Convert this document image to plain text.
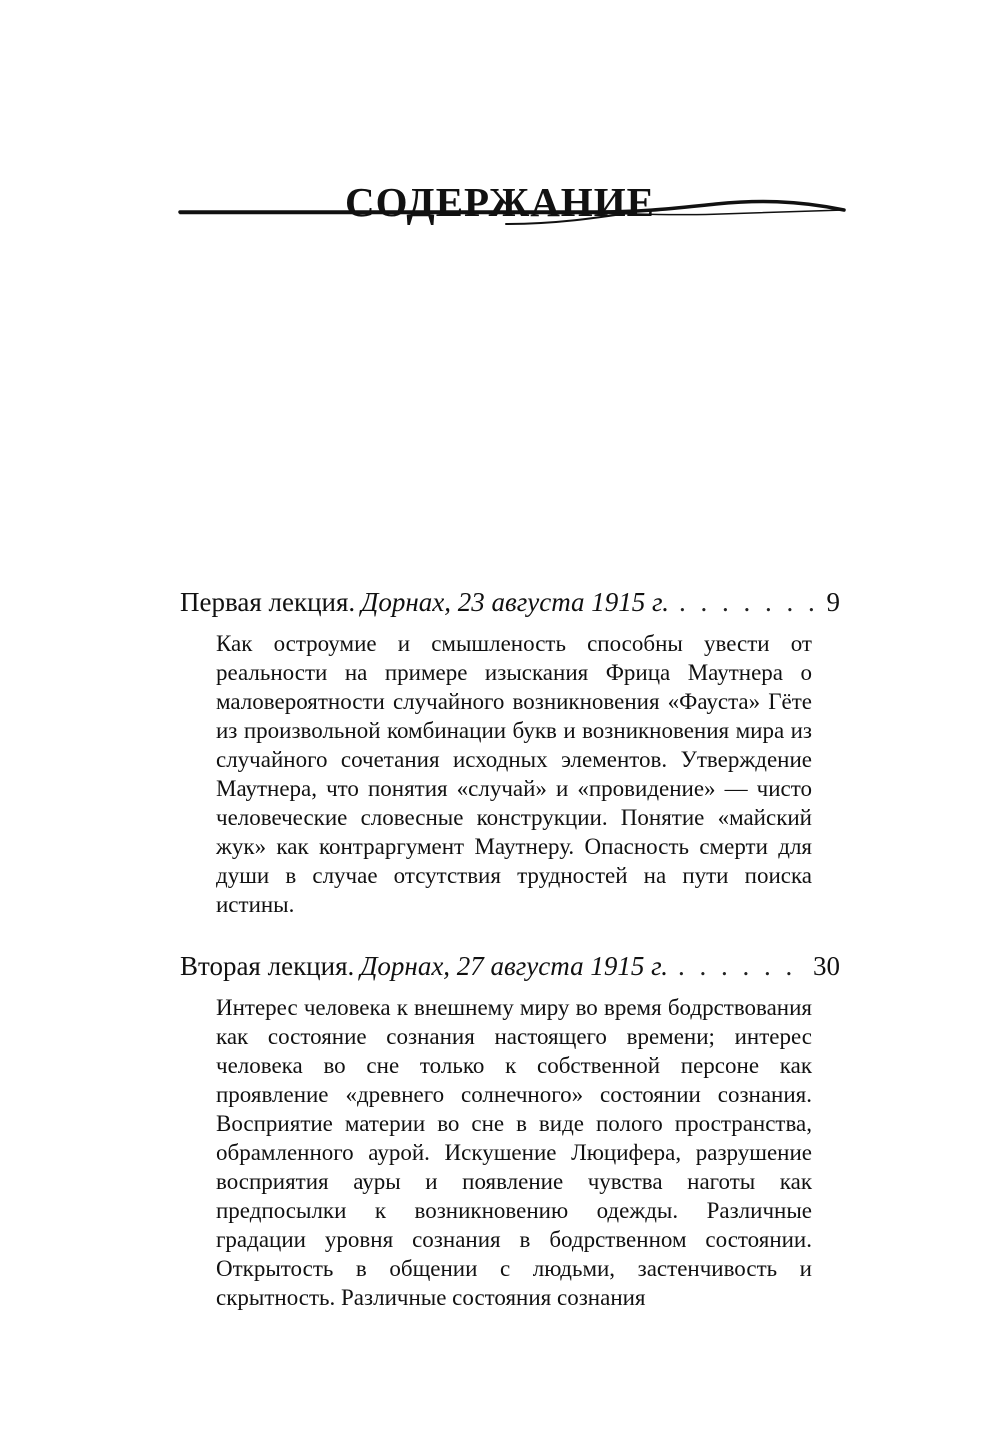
СОДЕРЖАНИЕ
Первая лекция. Дорнах, 23 августа 1915 г. . . .	9

Как остроумие и смышленость способны увести от реальности на примере изыскания Фрица Маутнера о маловероятности случайного возникновения «Фауста» Гёте из произвольной комбинации букв и возникновения мира из случайного сочетания исходных элементов. Утверждение Маутнера, что понятия «случай» и «провидение» — чисто человеческие словесные конструкции. Понятие «майский жук» как контраргумент Маутнеру. Опасность смерти для души в случае отсутствия трудностей на пути поиска истины.

Вторая лекция. Дорнах, 27 августа 1915 г. . . .	30

Интерес человека к внешнему миру во время бодрствования как состояние сознания настоящего времени; интерес человека во сне только к собственной персоне как проявление «древнего солнечного» состоянии сознания. Восприятие материи во сне в виде полого пространства, обрамленного аурой. Искушение Люцифера, разрушение восприятия ауры и появление чувства наготы как предпосылки к возникновению одежды. Различные градации уровня сознания в бодрственном состоянии. Открытость в общении с людьми, застенчивость и скрытность. Различные состояния сознания
